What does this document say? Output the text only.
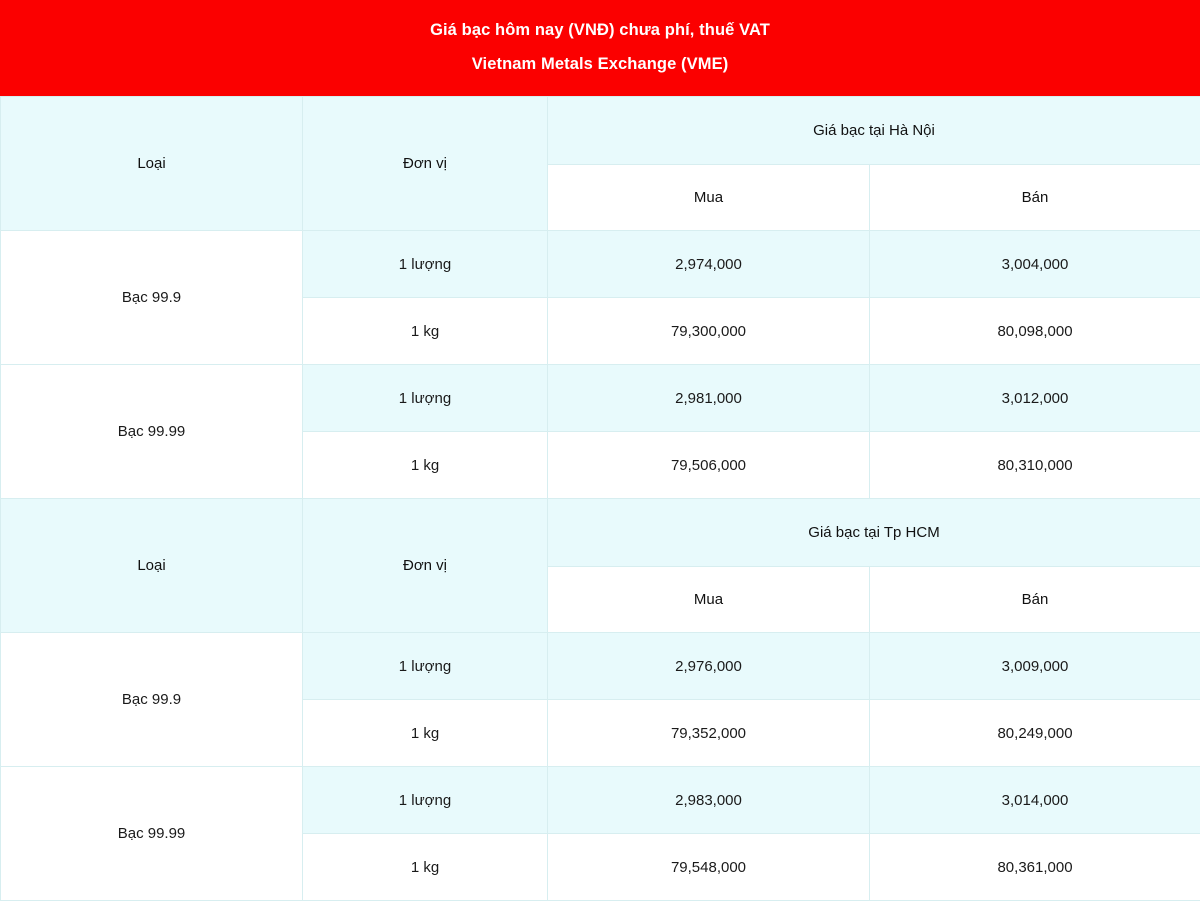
Giá bạc hôm nay (VNĐ) chưa phí, thuế VAT
Vietnam Metals Exchange (VME)
Loại	Đơn vị	Giá bạc tại Hà Nội	
		Mua	Bán
Bạc 99.9	1 lượng	2,974,000	3,004,000
	1 kg	79,300,000	80,098,000
Bạc 99.99	1 lượng	2,981,000	3,012,000
	1 kg	79,506,000	80,310,000
Loại	Đơn vị	Giá bạc tại Tp HCM	
		Mua	Bán
Bạc 99.9	1 lượng	2,976,000	3,009,000
	1 kg	79,352,000	80,249,000
Bạc 99.99	1 lượng	2,983,000	3,014,000
	1 kg	79,548,000	80,361,000
